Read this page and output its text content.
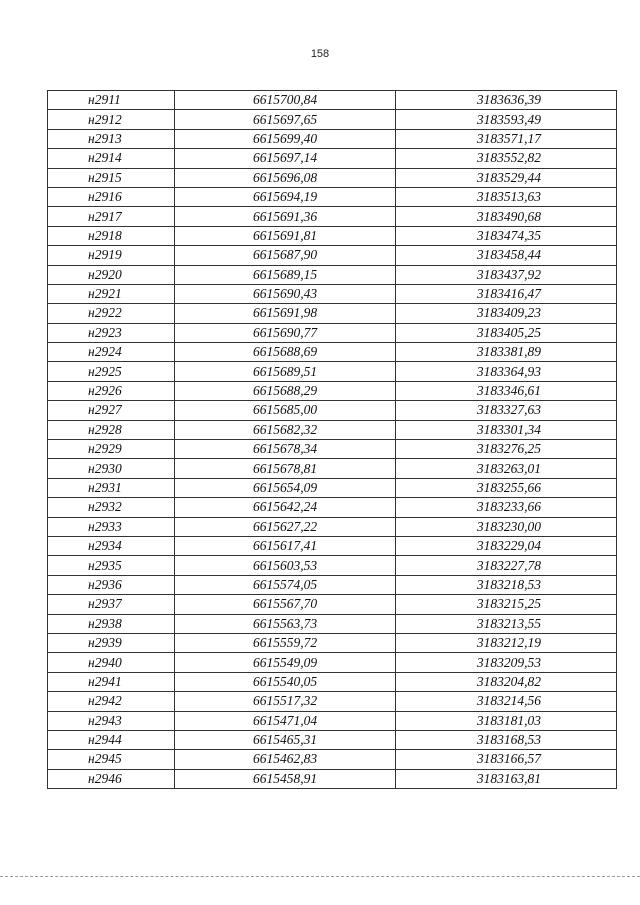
158
н2911	6615700,84	3183636,39
н2912	6615697,65	3183593,49
н2913	6615699,40	3183571,17
н2914	6615697,14	3183552,82
н2915	6615696,08	3183529,44
н2916	6615694,19	3183513,63
н2917	6615691,36	3183490,68
н2918	6615691,81	3183474,35
н2919	6615687,90	3183458,44
н2920	6615689,15	3183437,92
н2921	6615690,43	3183416,47
н2922	6615691,98	3183409,23
н2923	6615690,77	3183405,25
н2924	6615688,69	3183381,89
н2925	6615689,51	3183364,93
н2926	6615688,29	3183346,61
н2927	6615685,00	3183327,63
н2928	6615682,32	3183301,34
н2929	6615678,34	3183276,25
н2930	6615678,81	3183263,01
н2931	6615654,09	3183255,66
н2932	6615642,24	3183233,66
н2933	6615627,22	3183230,00
н2934	6615617,41	3183229,04
н2935	6615603,53	3183227,78
н2936	6615574,05	3183218,53
н2937	6615567,70	3183215,25
н2938	6615563,73	3183213,55
н2939	6615559,72	3183212,19
н2940	6615549,09	3183209,53
н2941	6615540,05	3183204,82
н2942	6615517,32	3183214,56
н2943	6615471,04	3183181,03
н2944	6615465,31	3183168,53
н2945	6615462,83	3183166,57
н2946	6615458,91	3183163,81
